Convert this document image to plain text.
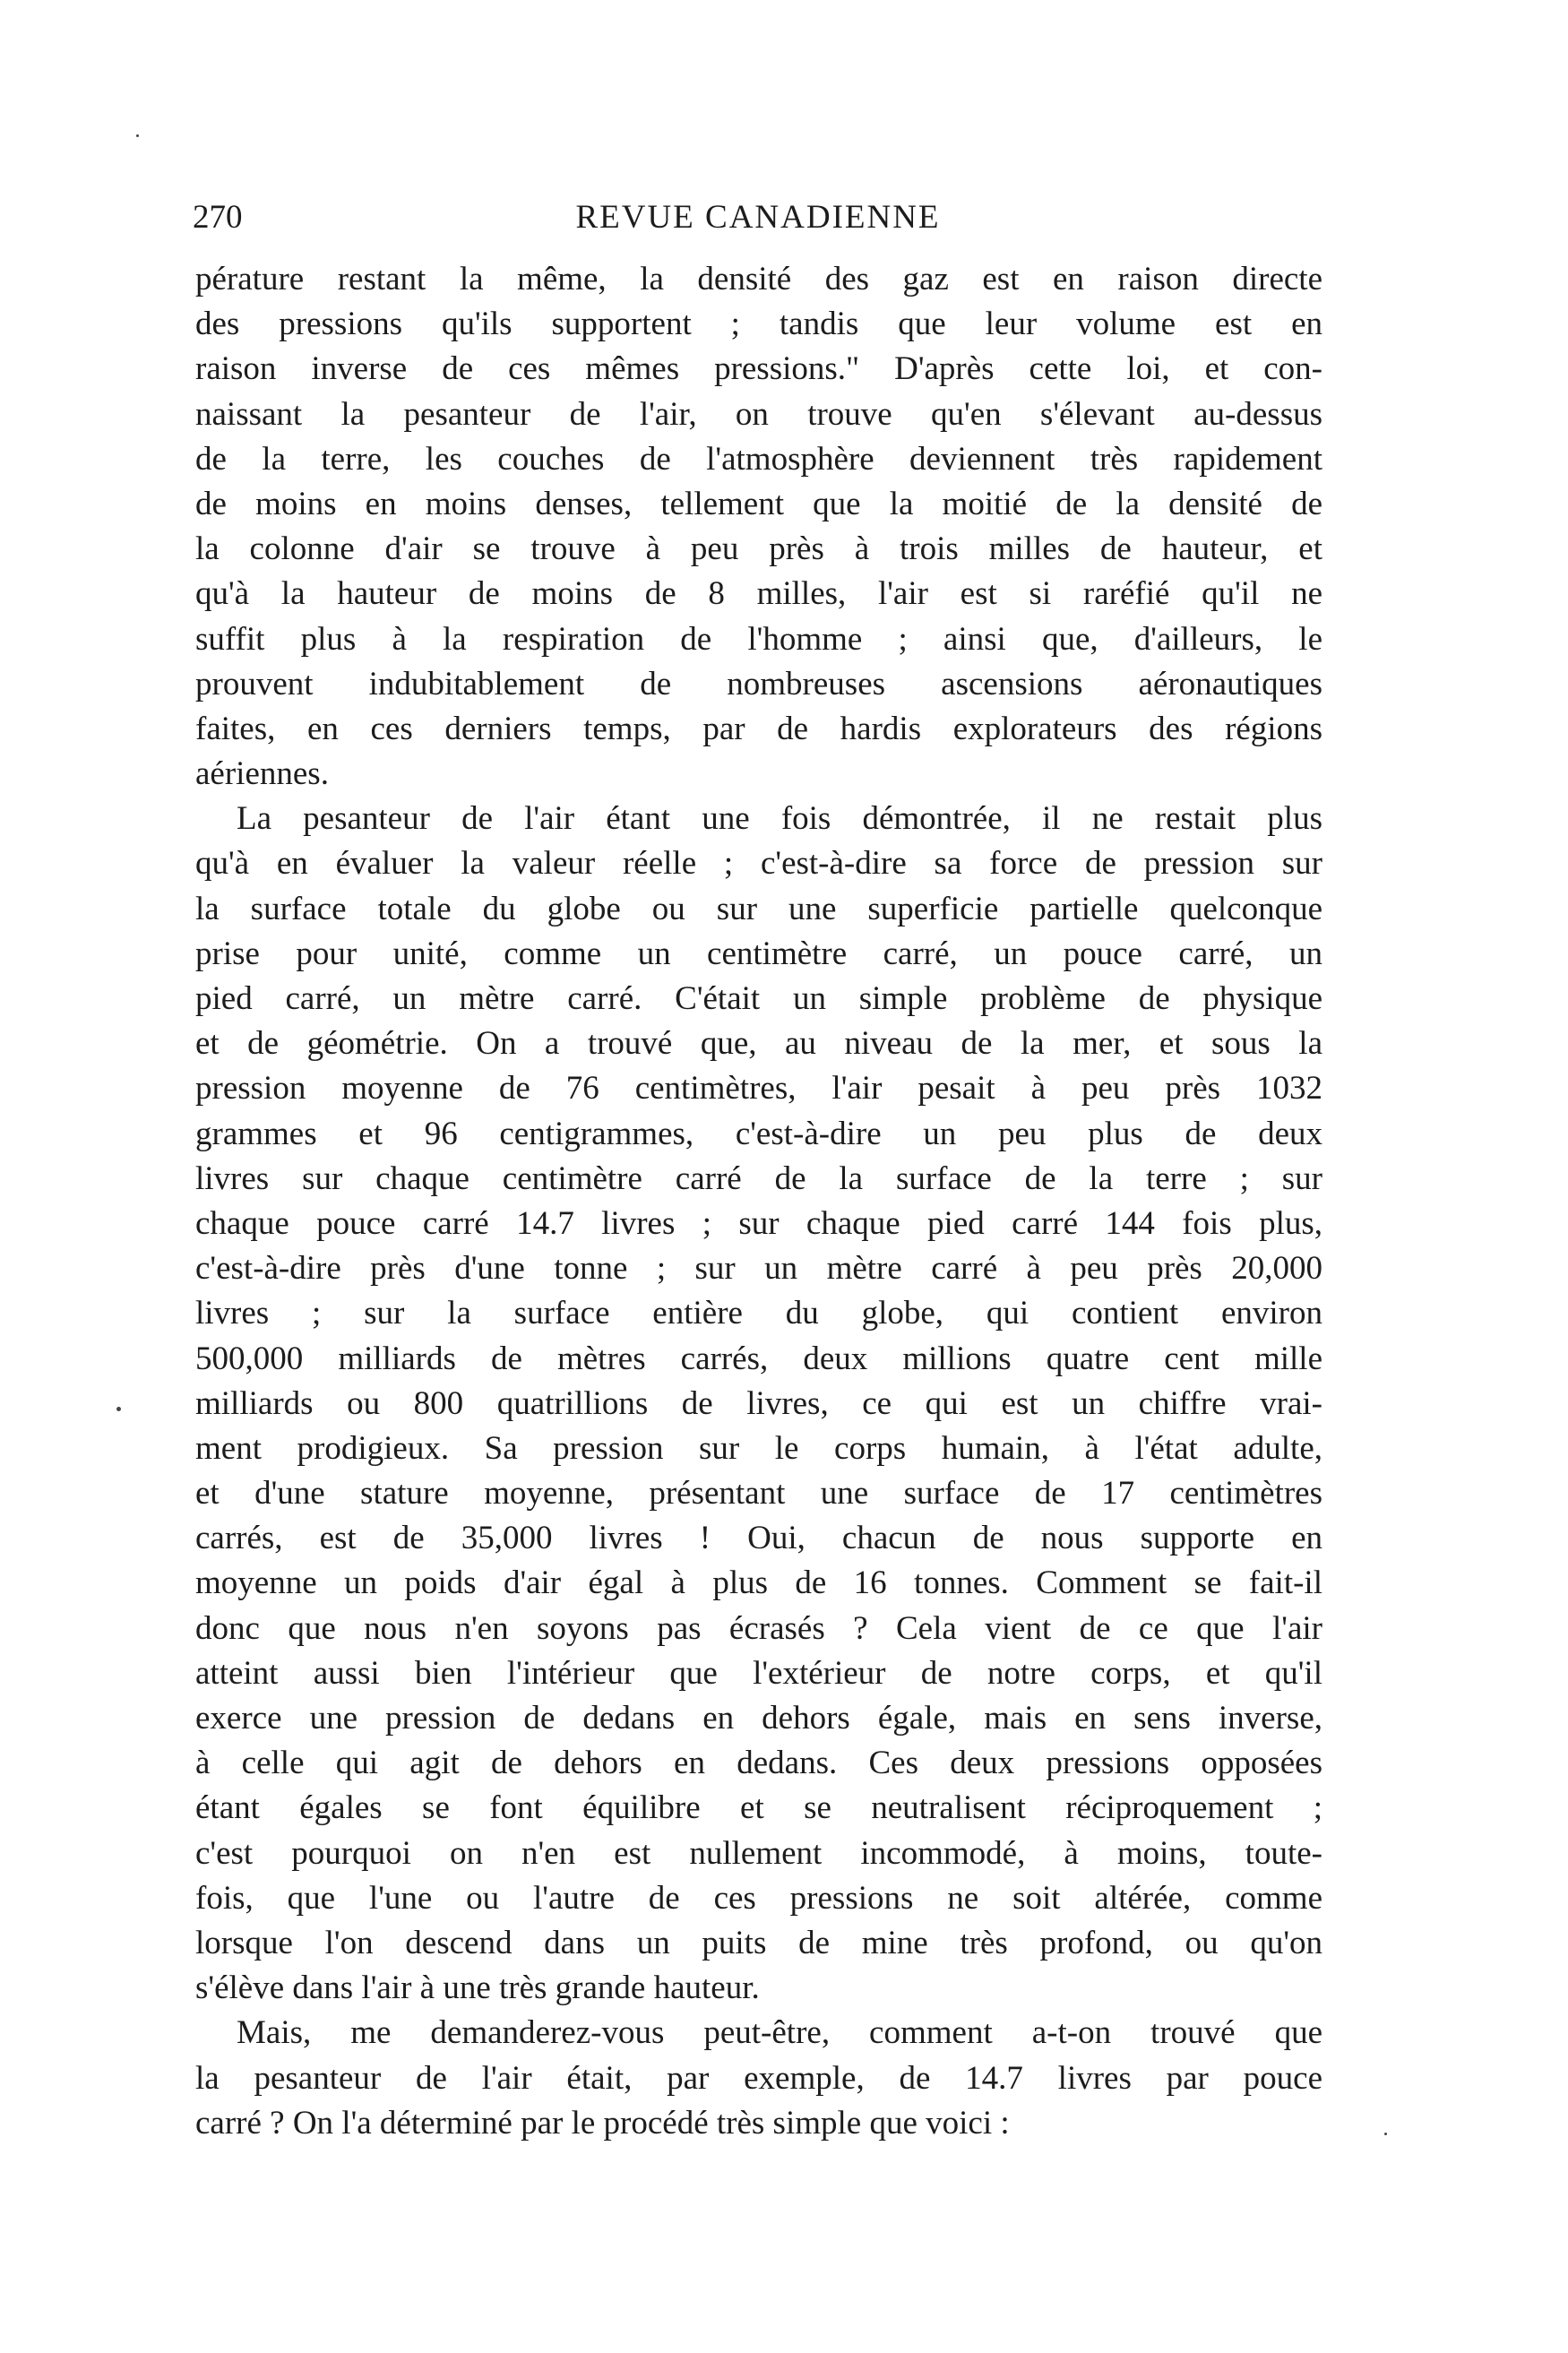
270	REVUE CANADIENNE
pérature restant la même, la densité des gaz est en raison directe
des pressions qu'ils supportent ; tandis que leur volume est en
raison inverse de ces mêmes pressions." D'après cette loi, et con-
naissant la pesanteur de l'air, on trouve qu'en s'élevant au-dessus
de la terre, les couches de l'atmosphère deviennent très rapidement
de moins en moins denses, tellement que la moitié de la densité de
la colonne d'air se trouve à peu près à trois milles de hauteur, et
qu'à la hauteur de moins de 8 milles, l'air est si raréfié qu'il ne
suffit plus à la respiration de l'homme ; ainsi que, d'ailleurs, le
prouvent indubitablement de nombreuses ascensions aéronautiques
faites, en ces derniers temps, par de hardis explorateurs des régions
aériennes.
La pesanteur de l'air étant une fois démontrée, il ne restait plus
qu'à en évaluer la valeur réelle ; c'est-à-dire sa force de pression sur
la surface totale du globe ou sur une superficie partielle quelconque
prise pour unité, comme un centimètre carré, un pouce carré, un
pied carré, un mètre carré. C'était un simple problème de physique
et de géométrie. On a trouvé que, au niveau de la mer, et sous la
pression moyenne de 76 centimètres, l'air pesait à peu près 1032
grammes et 96 centigrammes, c'est-à-dire un peu plus de deux
livres sur chaque centimètre carré de la surface de la terre ; sur
chaque pouce carré 14.7 livres ; sur chaque pied carré 144 fois plus,
c'est-à-dire près d'une tonne ; sur un mètre carré à peu près 20,000
livres ; sur la surface entière du globe, qui contient environ
500,000 milliards de mètres carrés, deux millions quatre cent mille
milliards ou 800 quatrillions de livres, ce qui est un chiffre vrai-
ment prodigieux. Sa pression sur le corps humain, à l'état adulte,
et d'une stature moyenne, présentant une surface de 17 centimètres
carrés, est de 35,000 livres ! Oui, chacun de nous supporte en
moyenne un poids d'air égal à plus de 16 tonnes. Comment se fait-il
donc que nous n'en soyons pas écrasés ? Cela vient de ce que l'air
atteint aussi bien l'intérieur que l'extérieur de notre corps, et qu'il
exerce une pression de dedans en dehors égale, mais en sens inverse,
à celle qui agit de dehors en dedans. Ces deux pressions opposées
étant égales se font équilibre et se neutralisent réciproquement ;
c'est pourquoi on n'en est nullement incommodé, à moins, toute-
fois, que l'une ou l'autre de ces pressions ne soit altérée, comme
lorsque l'on descend dans un puits de mine très profond, ou qu'on
s'élève dans l'air à une très grande hauteur.
Mais, me demanderez-vous peut-être, comment a-t-on trouvé que
la pesanteur de l'air était, par exemple, de 14.7 livres par pouce
carré ? On l'a déterminé par le procédé très simple que voici :
